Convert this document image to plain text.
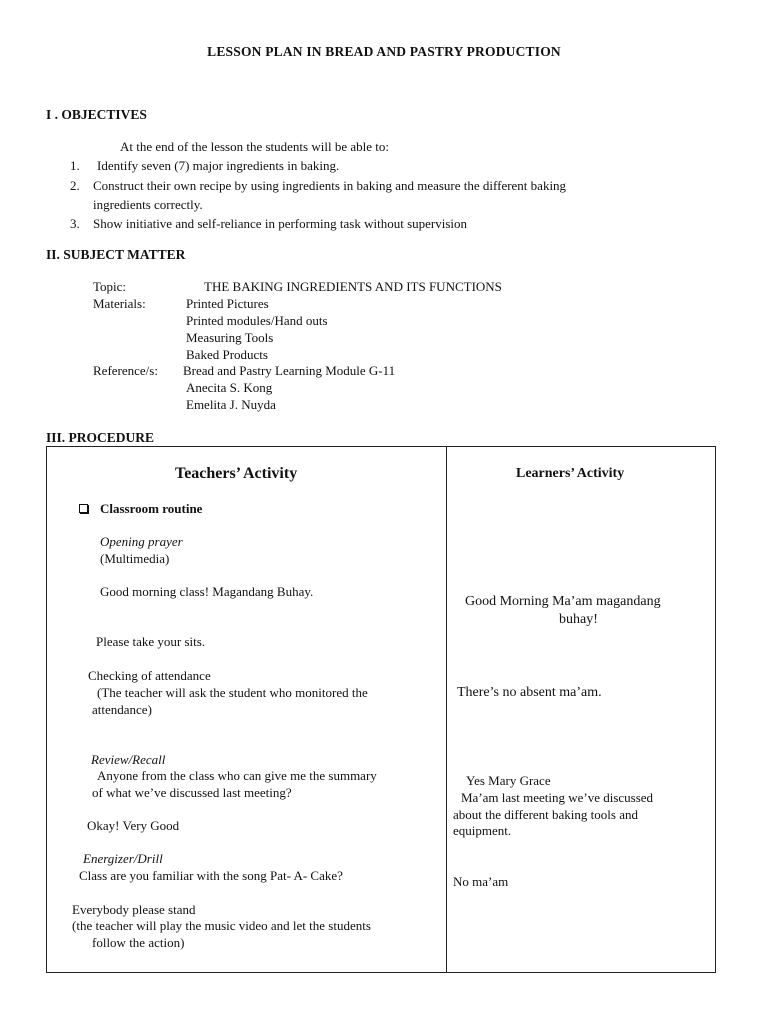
LESSON PLAN IN BREAD AND PASTRY PRODUCTION
I . OBJECTIVES
At the end of the lesson the students will be able to:
1. Identify seven (7) major ingredients in baking.
2. Construct their own recipe by using ingredients in baking and measure the different baking
ingredients correctly.
3. Show initiative and self-reliance in performing task without supervision
II. SUBJECT MATTER
Topic:	THE BAKING INGREDIENTS AND ITS FUNCTIONS
Materials:	Printed Pictures
Printed modules/Hand outs
Measuring Tools
Baked Products
Reference/s: Bread and Pastry Learning Module G-11
Anecita S. Kong
Emelita J. Nuyda
III. PROCEDURE
Teachers’ Activity
Classroom routine
Opening prayer
(Multimedia)
Good morning class! Magandang Buhay.
Please take your sits.
Checking of attendance
(The teacher will ask the student who monitored the
attendance)
Review/Recall
Anyone from the class who can give me the summary
of what we’ve discussed last meeting?
Okay! Very Good
Energizer/Drill
Class are you familiar with the song Pat- A- Cake?
Everybody please stand
(the teacher will play the music video and let the students
follow the action)
Learners’ Activity
Good Morning Ma’am magandang
buhay!
There’s no absent ma’am.
Yes Mary Grace
Ma’am last meeting we’ve discussed
about the different baking tools and
equipment.
No ma’am
